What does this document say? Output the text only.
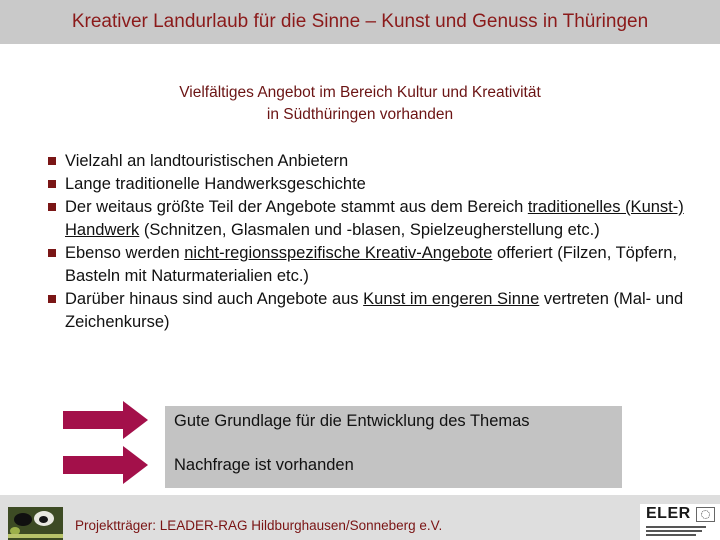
Kreativer Landurlaub für die Sinne – Kunst und Genuss in Thüringen
Vielfältiges Angebot im Bereich Kultur und Kreativität
in Südthüringen vorhanden
Vielzahl an landtouristischen Anbietern
Lange traditionelle Handwerksgeschichte
Der weitaus größte Teil der Angebote stammt aus dem Bereich traditionelles (Kunst-) Handwerk (Schnitzen, Glasmalen und -blasen, Spielzeugherstellung etc.)
Ebenso werden nicht-regionsspezifische Kreativ-Angebote offeriert (Filzen, Töpfern, Basteln mit Naturmaterialien etc.)
Darüber hinaus sind auch Angebote aus Kunst im engeren Sinne vertreten (Mal- und Zeichenkurse)
Gute Grundlage für die Entwicklung des Themas
Nachfrage ist vorhanden
Projektträger: LEADER-RAG Hildburghausen/Sonneberg e.V.
ELER
